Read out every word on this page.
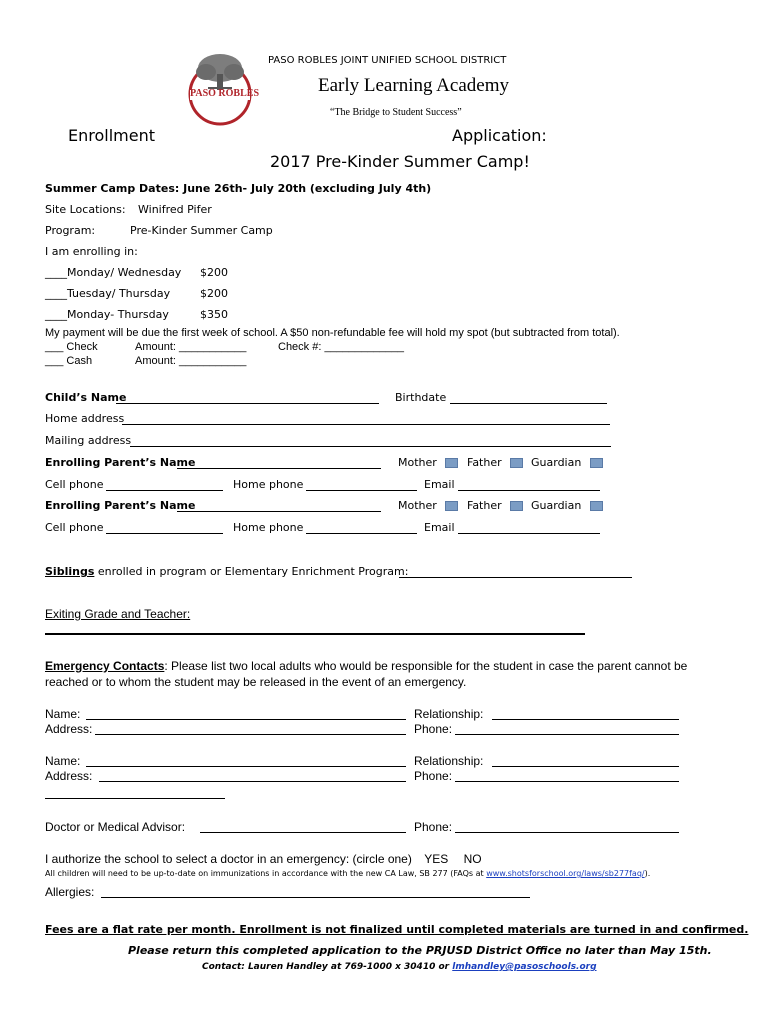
PASO ROBLES
PASO ROBLES JOINT UNIFIED SCHOOL DISTRICT
Early Learning Academy
“The Bridge to Student Success”
Enrollment	Application:
2017 Pre-Kinder Summer Camp!
Summer Camp Dates: June 26th- July 20th (excluding July 4th)
Site Locations: Winifred Pifer
Program:	Pre-Kinder Summer Camp
I am enrolling in:
____Monday/ Wednesday $200
____Tuesday/ Thursday	$200
____Monday- Thursday	$350
My payment will be due the first week of school. A $50 non-refundable fee will hold my spot (but subtracted from total).
___ Check	Amount: ___________	Check #: _____________
___ Cash	Amount: ___________
Child’s Name	Birthdate
Home address
Mailing address
Enrolling Parent’s Name	Mother	Father	Guardian
Cell phone	Home phone	Email
Enrolling Parent’s Name	Mother	Father	Guardian
Cell phone	Home phone	Email
Siblings enrolled in program or Elementary Enrichment Program:
Exiting Grade and Teacher:
Emergency Contacts: Please list two local adults who would be responsible for the student in case the parent cannot be
reached or to whom the student may be released in the event of an emergency.
Name:	Relationship:
Address:	Phone:
Name:	Relationship:
Address:	Phone:
Doctor or Medical Advisor:	Phone:
I authorize the school to select a doctor in an emergency: (circle one) YES NO
All children will need to be up-to-date on immunizations in accordance with the new CA Law, SB 277 (FAQs at www.shotsforschool.org/laws/sb277faq/).
Allergies:
Fees are a flat rate per month. Enrollment is not finalized until completed materials are turned in and confirmed.
Please return this completed application to the PRJUSD District Office no later than May 15th.
Contact: Lauren Handley at 769-1000 x 30410 or lmhandley@pasoschools.org
